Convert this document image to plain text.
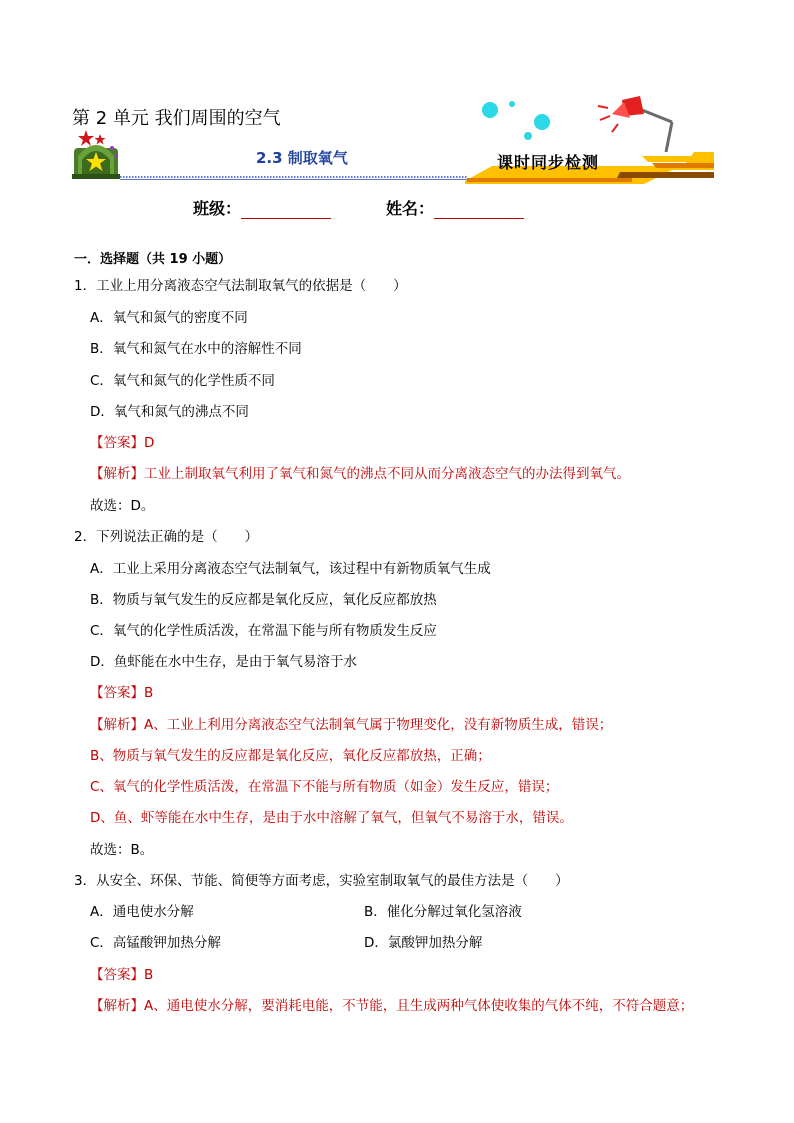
第 2 单元 我们周围的空气
2.3 制取氧气	课时同步检测
班级：	姓名：
一．选择题（共 19 小题）
1．工业上用分离液态空气法制取氧气的依据是（　　）
A．氧气和氮气的密度不同
B．氧气和氮气在水中的溶解性不同
C．氧气和氮气的化学性质不同
D．氧气和氮气的沸点不同
【答案】D
【解析】工业上制取氧气利用了氧气和氮气的沸点不同从而分离液态空气的办法得到氧气。
故选：D。
2．下列说法正确的是（　　）
A．工业上采用分离液态空气法制氧气，该过程中有新物质氧气生成
B．物质与氧气发生的反应都是氧化反应，氧化反应都放热
C．氧气的化学性质活泼，在常温下能与所有物质发生反应
D．鱼虾能在水中生存，是由于氧气易溶于水
【答案】B
【解析】A、工业上利用分离液态空气法制氧气属于物理变化，没有新物质生成，错误；
B、物质与氧气发生的反应都是氧化反应，氧化反应都放热，正确；
C、氧气的化学性质活泼，在常温下不能与所有物质（如金）发生反应，错误；
D、鱼、虾等能在水中生存，是由于水中溶解了氧气，但氧气不易溶于水，错误。
故选：B。
3．从安全、环保、节能、简便等方面考虑，实验室制取氧气的最佳方法是（　　）
A．通电使水分解	B．催化分解过氧化氢溶液
C．高锰酸钾加热分解	D．氯酸钾加热分解
【答案】B
【解析】A、通电使水分解，要消耗电能，不节能，且生成两种气体使收集的气体不纯，不符合题意；
